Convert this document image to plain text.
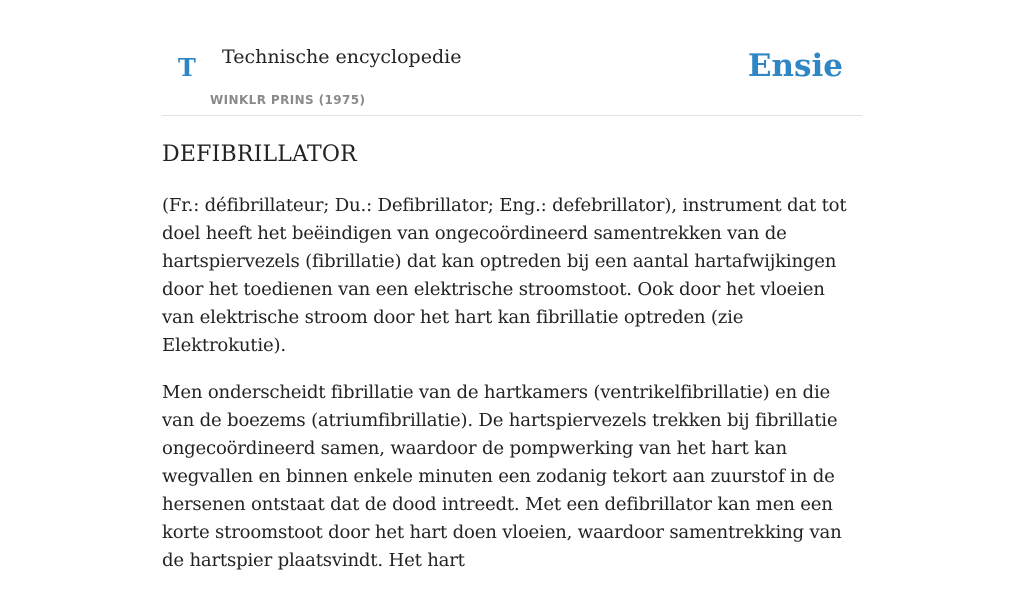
T Technische encyclopedie
WINKLR PRINS (1975)
Ensie
DEFIBRILLATOR

(Fr.: défibrillateur; Du.: Defibrillator; Eng.: defebrillator), instrument dat tot doel heeft het beëindigen van ongecoördineerd samentrekken van de hartspiervezels (fibrillatie) dat kan optreden bij een aantal hartafwijkingen door het toedienen van een elektrische stroomstoot. Ook door het vloeien van elektrische stroom door het hart kan fibrillatie optreden (zie Elektrokutie).

Men onderscheidt fibrillatie van de hartkamers (ventrikelfibrillatie) en die van de boezems (atriumfibrillatie). De hartspiervezels trekken bij fibrillatie ongecoördineerd samen, waardoor de pompwerking van het hart kan wegvallen en binnen enkele minuten een zodanig tekort aan zuurstof in de hersenen ontstaat dat de dood intreedt. Met een defibrillator kan men een korte stroomstoot door het hart doen vloeien, waardoor samentrekking van de hartspier plaatsvindt. Het hart
